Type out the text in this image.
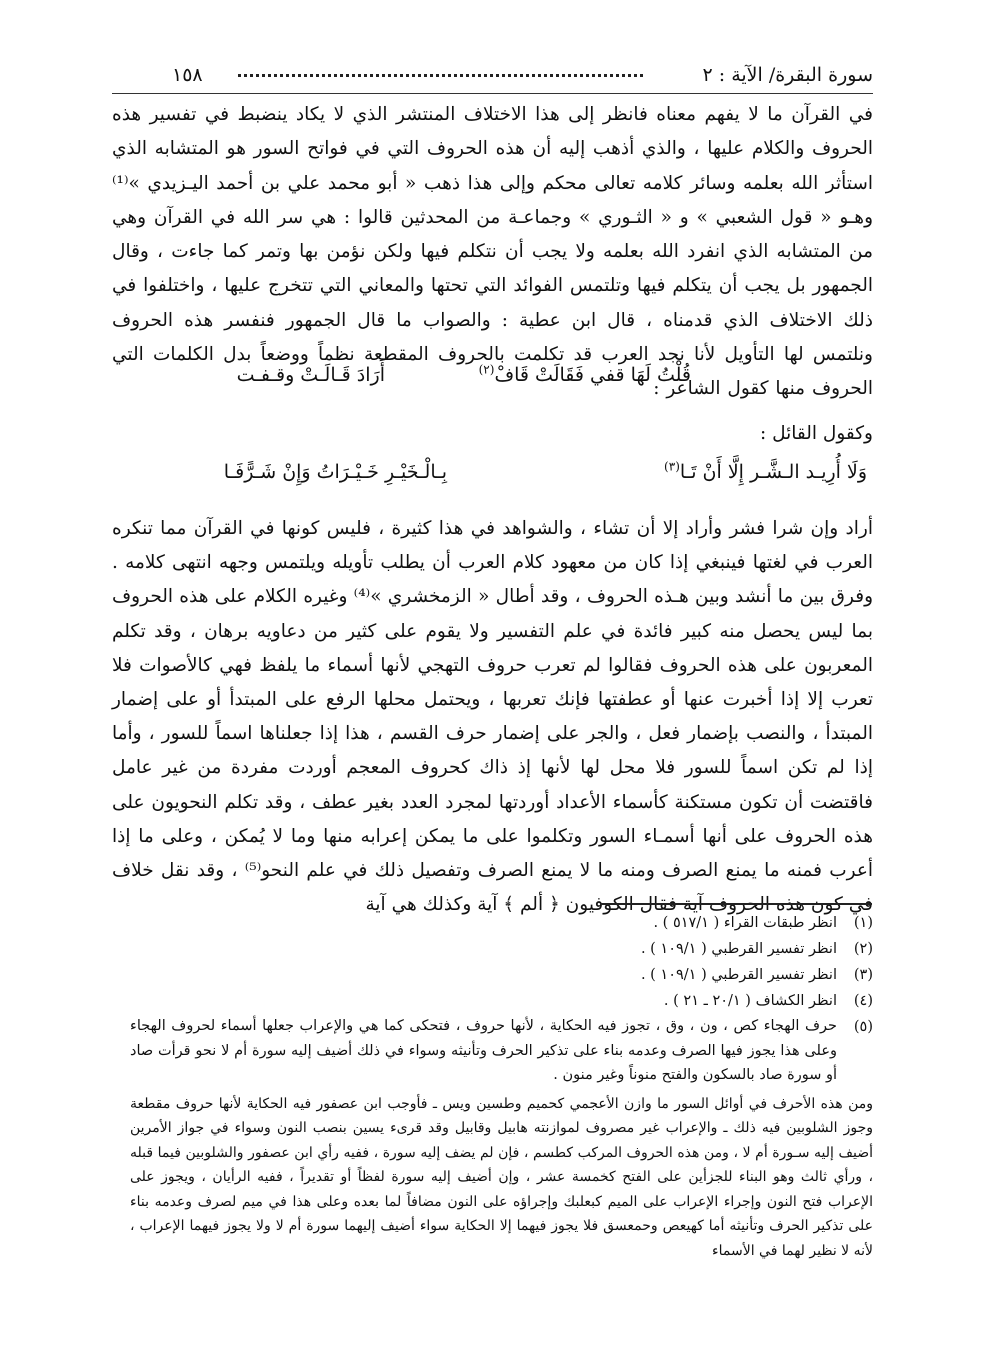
سورة البقرة/ الآية : ٢
١٥٨

في القرآن ما لا يفهم معناه فانظر إلى هذا الاختلاف المنتشر الذي لا يكاد ينضبط في تفسير هذه الحروف والكلام عليها ، والذي أذهب إليه أن هذه الحروف التي في فواتح السور هو المتشابه الذي استأثر الله بعلمه وسائر كلامه تعالى محكم وإلى هذا ذهب « أبو محمد علي بن أحمد اليـزيدي »⁽¹⁾ وهـو « قول الشعبي » و « الثـوري » وجماعـة من المحدثين قالوا : هي سر الله في القرآن وهي من المتشابه الذي انفرد الله بعلمه ولا يجب أن نتكلم فيها ولكن نؤمن بها وتمر كما جاءت ، وقال الجمهور بل يجب أن يتكلم فيها وتلتمس الفوائد التي تحتها والمعاني التي تتخرج عليها ، واختلفوا في ذلك الاختلاف الذي قدمناه ، قال ابن عطية : والصواب ما قال الجمهور فنفسر هذه الحروف ونلتمس لها التأويل لأنا نجد العرب قد تكلمت بالحروف المقطعة نظماً ووضعاً بدل الكلمات التي الحروف منها كقول الشاعر :

قُلْتُ لَهَا قفي فَقَالَتْ قَافْ$^{(٢)}$
أَرَادَ قَـالَـتْ وقـفـت
وكقول القائل :
بِـالْـخَيْـرِ خَـيْـرَاتُ وَإِنْ شَـرًّفَـا	وَلَا أُرِيـد الـشَّـر إِلَّا أَنْ تَـا$^{(٣)}$

أراد وإن شرا فشر وأراد إلا أن تشاء ، والشواهد في هذا كثيرة ، فليس كونها في القرآن مما تنكره العرب في لغتها فينبغي إذا كان من معهود كلام العرب أن يطلب تأويله ويلتمس وجهه انتهى كلامه . وفرق بين ما أنشد وبين هـذه الحروف ، وقد أطال « الزمخشري »⁽⁴⁾ وغيره الكلام على هذه الحروف بما ليس يحصل منه كبير فائدة في علم التفسير ولا يقوم على كثير من دعاويه برهان ، وقد تكلم المعربون على هذه الحروف فقالوا لم تعرب حروف التهجي لأنها أسماء ما يلفظ فهي كالأصوات فلا تعرب إلا إذا أخبرت عنها أو عطفتها فإنك تعربها ، ويحتمل محلها الرفع على المبتدأ أو على إضمار المبتدأ ، والنصب بإضمار فعل ، والجر على إضمار حرف القسم ، هذا إذا جعلناها اسماً للسور ، وأما إذا لم تكن اسماً للسور فلا محل لها لأنها إذ ذاك كحروف المعجم أوردت مفردة من غير عامل فاقتضت أن تكون مستكنة كأسماء الأعداد أوردتها لمجرد العدد بغير عطف ، وقد تكلم النحويون على هذه الحروف على أنها أسمـاء السور وتكلموا على ما يمكن إعرابه منها وما لا يُمكن ، وعلى ما إذا أعرب فمنه ما يمنع الصرف ومنه ما لا يمنع الصرف وتفصيل ذلك في علم النحو⁽⁵⁾ ، وقد نقل خلاف في كون هذه الحروف آية فقال الكوفيون ﴿ ألم ﴾ آية وكذلك هي آية

(١)
انظر طبقات القراء ( ٥١٧/١ ) .
(٢)
انظر تفسير القرطبي ( ١٠٩/١ ) .
(٣)
انظر تفسير القرطبي ( ١٠٩/١ ) .
(٤)
انظر الكشاف ( ٢٠/١ ـ ٢١ ) .
(٥)
حرف الهجاء كص ، ون ، وق ، تجوز فيه الحكاية ، لأنها حروف ، فتحكى كما هي والإعراب جعلها أسماء لحروف الهجاء وعلى هذا يجوز فيها الصرف وعدمه بناء على تذكير الحرف وتأنيثه وسواء في ذلك أضيف إليه سورة أم لا نحو قرأت صاد أو سورة صاد بالسكون والفتح منوناً وغير منون .

ومن هذه الأحرف في أوائل السور ما وازن الأعجمي كحميم وطسين ويس ـ فأوجب ابن عصفور فيه الحكاية لأنها حروف مقطعة وجوز الشلوبين فيه ذلك ـ والإعراب غير مصروف لموازنته هابيل وقابيل وقد قرىء يسين بنصب النون وسواء في جواز الأمرين أضيف إليه سـورة أم لا ، ومن هذه الحروف المركب كطسم ، فإن لم يضف إليه سورة ، ففيه رأي ابن عصفور والشلوبين فيما قبله ، ورأي ثالث وهو البناء للجزأين على الفتح كخمسة عشر ، وإن أضيف إليه سورة لفظاً أو تقديراً ، ففيه الرأيان ، ويجوز على الإعراب فتح النون وإجراء الإعراب على الميم كبعلبك وإجراؤه على النون مضافاً لما بعده وعلى هذا في ميم لصرف وعدمه بناء على تذكير الحرف وتأنيثه أما كهيعص وحمعسق فلا يجوز فيهما إلا الحكاية سواء أضيف إليهما سورة أم لا ولا يجوز فيهما الإعراب ، لأنه لا نظير لهما في الأسماء
